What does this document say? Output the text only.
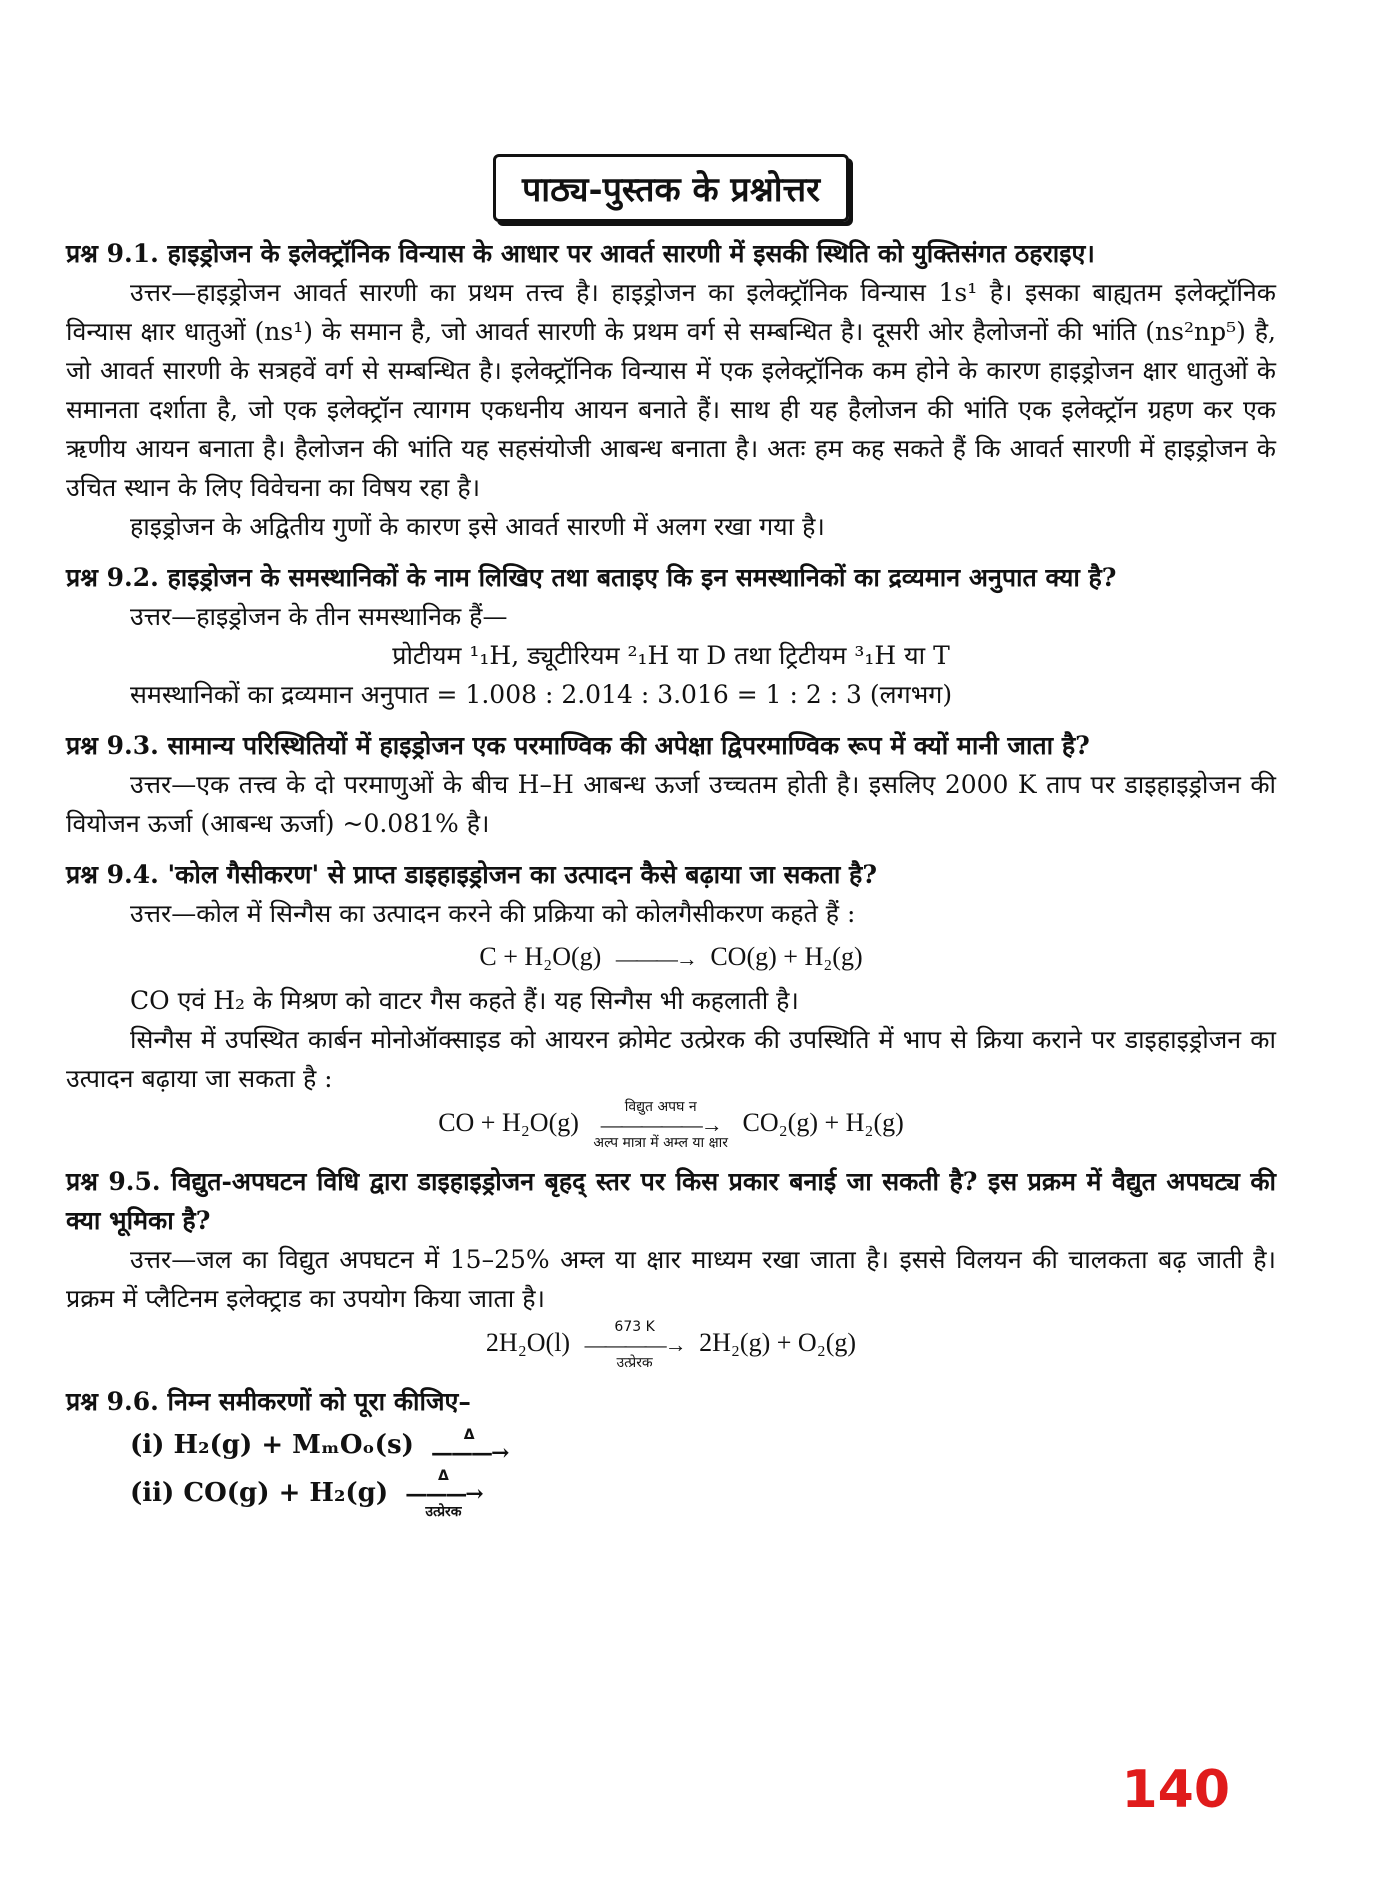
पाठ्य-पुस्तक के प्रश्नोत्तर

प्रश्न 9.1. हाइड्रोजन के इलेक्ट्रॉनिक विन्यास के आधार पर आवर्त सारणी में इसकी स्थिति को युक्तिसंगत ठहराइए।

उत्तर—हाइड्रोजन आवर्त सारणी का प्रथम तत्त्व है। हाइड्रोजन का इलेक्ट्रॉनिक विन्यास 1s¹ है। इसका बाह्यतम इलेक्ट्रॉनिक विन्यास क्षार धातुओं (ns¹) के समान है, जो आवर्त सारणी के प्रथम वर्ग से सम्बन्धित है। दूसरी ओर हैलोजनों की भांति (ns²np⁵) है, जो आवर्त सारणी के सत्रहवें वर्ग से सम्बन्धित है। इलेक्ट्रॉनिक विन्यास में एक इलेक्ट्रॉनिक कम होने के कारण हाइड्रोजन क्षार धातुओं के समानता दर्शाता है, जो एक इलेक्ट्रॉन त्यागम एकधनीय आयन बनाते हैं। साथ ही यह हैलोजन की भांति एक इलेक्ट्रॉन ग्रहण कर एक ऋणीय आयन बनाता है। हैलोजन की भांति यह सहसंयोजी आबन्ध बनाता है। अतः हम कह सकते हैं कि आवर्त सारणी में हाइड्रोजन के उचित स्थान के लिए विवेचना का विषय रहा है।

हाइड्रोजन के अद्वितीय गुणों के कारण इसे आवर्त सारणी में अलग रखा गया है।

प्रश्न 9.2. हाइड्रोजन के समस्थानिकों के नाम लिखिए तथा बताइए कि इन समस्थानिकों का द्रव्यमान अनुपात क्या है?

उत्तर—हाइड्रोजन के तीन समस्थानिक हैं—

प्रोटीयम ¹₁H, ड्यूटीरियम ²₁H या D तथा ट्रिटीयम ³₁H या T

समस्थानिकों का द्रव्यमान अनुपात = 1.008 : 2.014 : 3.016 = 1 : 2 : 3 (लगभग)

प्रश्न 9.3. सामान्य परिस्थितियों में हाइड्रोजन एक परमाण्विक की अपेक्षा द्विपरमाण्विक रूप में क्यों मानी जाता है?

उत्तर—एक तत्त्व के दो परमाणुओं के बीच H–H आबन्ध ऊर्जा उच्चतम होती है। इसलिए 2000 K ताप पर डाइहाइड्रोजन की वियोजन ऊर्जा (आबन्ध ऊर्जा) ~0.081% है।

प्रश्न 9.4. 'कोल गैसीकरण' से प्राप्त डाइहाइड्रोजन का उत्पादन कैसे बढ़ाया जा सकता है?

उत्तर—कोल में सिन्गैस का उत्पादन करने की प्रक्रिया को कोलगैसीकरण कहते हैं :

C + H₂O(g) ———→ CO(g) + H₂(g)

CO एवं H₂ के मिश्रण को वाटर गैस कहते हैं। यह सिन्गैस भी कहलाती है।

सिन्गैस में उपस्थित कार्बन मोनोऑक्साइड को आयरन क्रोमेट उत्प्रेरक की उपस्थिति में भाप से क्रिया कराने पर डाइहाइड्रोजन का उत्पादन बढ़ाया जा सकता है :

CO + H₂O(g)
विद्युत अपघ न
—————→
अल्प मात्रा में अम्ल या क्षार
CO₂(g) + H₂(g)

प्रश्न 9.5. विद्युत-अपघटन विधि द्वारा डाइहाइड्रोजन बृहद् स्तर पर किस प्रकार बनाई जा सकती है? इस प्रक्रम में वैद्युत अपघट्य की क्या भूमिका है?

उत्तर—जल का विद्युत अपघटन में 15–25% अम्ल या क्षार माध्यम रखा जाता है। इससे विलयन की चालकता बढ़ जाती है। प्रक्रम में प्लैटिनम इलेक्ट्राड का उपयोग किया जाता है।

2H₂O(l)
673 K
————→
उत्प्रेरक
2H₂(g) + O₂(g)

प्रश्न 9.6. निम्न समीकरणों को पूरा कीजिए–

(i) H₂(g) + MₘOₒ(s)	Δ
———→
(ii) CO(g) + H₂(g)
Δ
———→
उत्प्रेरक
140
